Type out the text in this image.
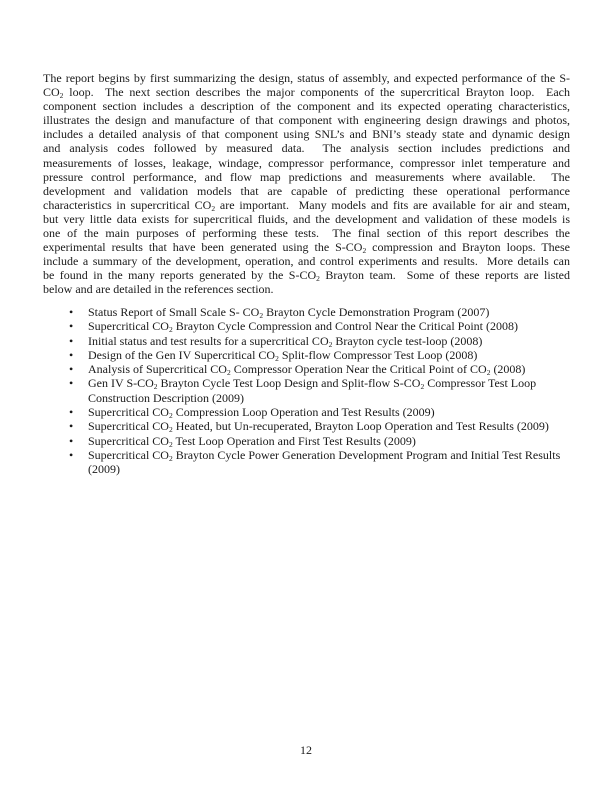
The report begins by first summarizing the design, status of assembly, and expected performance of the S-
$CO_2$ loop.  The next section describes the major components of the supercritical Brayton loop.  Each
component section includes a description of the component and its expected operating characteristics,
illustrates the design and manufacture of that component with engineering design drawings and photos,
includes a detailed analysis of that component using SNL’s and BNI’s steady state and dynamic design
and analysis codes followed by measured data.  The analysis section includes predictions and
measurements of losses, leakage, windage, compressor performance, compressor inlet temperature and
pressure control performance, and flow map predictions and measurements where available.  The
development and validation models that are capable of predicting these operational performance
characteristics in supercritical $CO_2$ are important.  Many models and fits are available for air and steam,
but very little data exists for supercritical fluids, and the development and validation of these models is
one of the main purposes of performing these tests.  The final section of this report describes the
experimental results that have been generated using the $S-CO_2$ compression and Brayton loops. These
include a summary of the development, operation, and control experiments and results.  More details can
be found in the many reports generated by the $S-CO_2$ Brayton team.  Some of these reports are listed
below and are detailed in the references section.
• Status Report of Small Scale S- $CO_2$ Brayton Cycle Demonstration Program (2007)
• Supercritical $CO_2$ Brayton Cycle Compression and Control Near the Critical Point (2008)
• Initial status and test results for a supercritical $CO_2$ Brayton cycle test-loop (2008)
• Design of the Gen IV Supercritical $CO_2$ Split-flow Compressor Test Loop (2008)
• Analysis of Supercritical $CO_2$ Compressor Operation Near the Critical Point of $CO_2$ (2008)
• Gen IV $S-CO_2$ Brayton Cycle Test Loop Design and Split-flow $S-CO_2$ Compressor Test Loop
Construction Description (2009)
• Supercritical $CO_2$ Compression Loop Operation and Test Results (2009)
• Supercritical $CO_2$ Heated, but Un-recuperated, Brayton Loop Operation and Test Results (2009)
• Supercritical $CO_2$ Test Loop Operation and First Test Results (2009)
• Supercritical $CO_2$ Brayton Cycle Power Generation Development Program and Initial Test Results
(2009)
12
